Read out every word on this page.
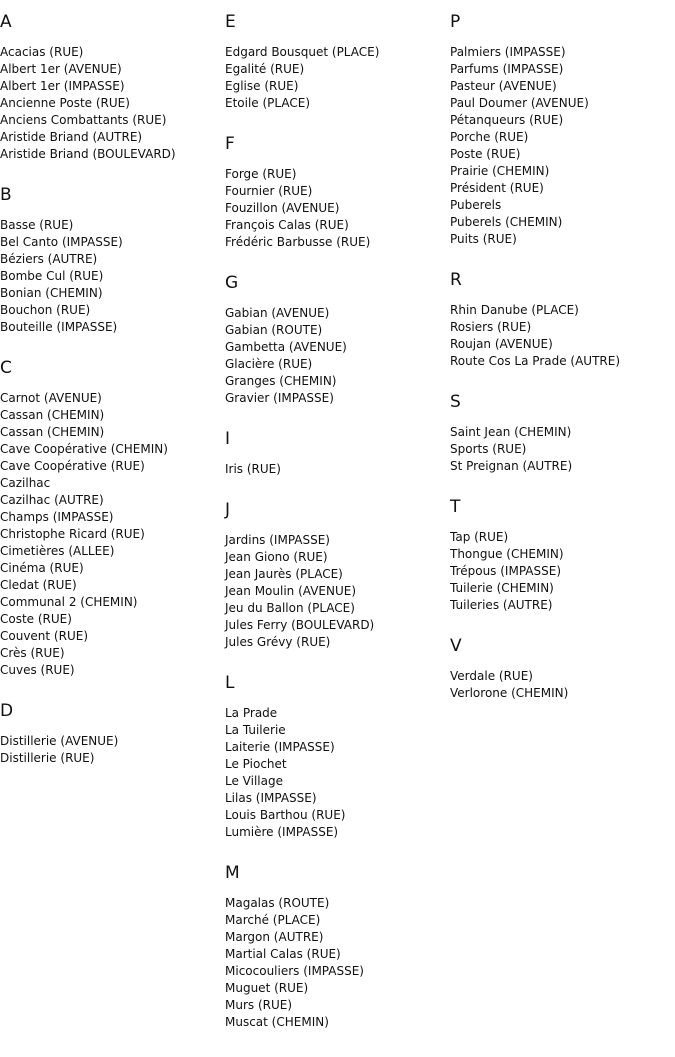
A
Acacias (RUE)
Albert 1er (AVENUE)
Albert 1er (IMPASSE)
Ancienne Poste (RUE)
Anciens Combattants (RUE)
Aristide Briand (AUTRE)
Aristide Briand (BOULEVARD)
B
Basse (RUE)
Bel Canto (IMPASSE)
Béziers (AUTRE)
Bombe Cul (RUE)
Bonian (CHEMIN)
Bouchon (RUE)
Bouteille (IMPASSE)
C
Carnot (AVENUE)
Cassan (CHEMIN)
Cassan (CHEMIN)
Cave Coopérative (CHEMIN)
Cave Coopérative (RUE)
Cazilhac
Cazilhac (AUTRE)
Champs (IMPASSE)
Christophe Ricard (RUE)
Cimetières (ALLEE)
Cinéma (RUE)
Cledat (RUE)
Communal 2 (CHEMIN)
Coste (RUE)
Couvent (RUE)
Crès (RUE)
Cuves (RUE)
D
Distillerie (AVENUE)
Distillerie (RUE)
E
Edgard Bousquet (PLACE)
Egalité (RUE)
Eglise (RUE)
Etoile (PLACE)
F
Forge (RUE)
Fournier (RUE)
Fouzillon (AVENUE)
François Calas (RUE)
Frédéric Barbusse (RUE)
G
Gabian (AVENUE)
Gabian (ROUTE)
Gambetta (AVENUE)
Glacière (RUE)
Granges (CHEMIN)
Gravier (IMPASSE)
I
Iris (RUE)
J
Jardins (IMPASSE)
Jean Giono (RUE)
Jean Jaurès (PLACE)
Jean Moulin (AVENUE)
Jeu du Ballon (PLACE)
Jules Ferry (BOULEVARD)
Jules Grévy (RUE)
L
La Prade
La Tuilerie
Laiterie (IMPASSE)
Le Piochet
Le Village
Lilas (IMPASSE)
Louis Barthou (RUE)
Lumière (IMPASSE)
M
Magalas (ROUTE)
Marché (PLACE)
Margon (AUTRE)
Martial Calas (RUE)
Micocouliers (IMPASSE)
Muguet (RUE)
Murs (RUE)
Muscat (CHEMIN)
P
Palmiers (IMPASSE)
Parfums (IMPASSE)
Pasteur (AVENUE)
Paul Doumer (AVENUE)
Pétanqueurs (RUE)
Porche (RUE)
Poste (RUE)
Prairie (CHEMIN)
Président (RUE)
Puberels
Puberels (CHEMIN)
Puits (RUE)
R
Rhin Danube (PLACE)
Rosiers (RUE)
Roujan (AVENUE)
Route Cos La Prade (AUTRE)
S
Saint Jean (CHEMIN)
Sports (RUE)
St Preignan (AUTRE)
T
Tap (RUE)
Thongue (CHEMIN)
Trépous (IMPASSE)
Tuilerie (CHEMIN)
Tuileries (AUTRE)
V
Verdale (RUE)
Verlorone (CHEMIN)
